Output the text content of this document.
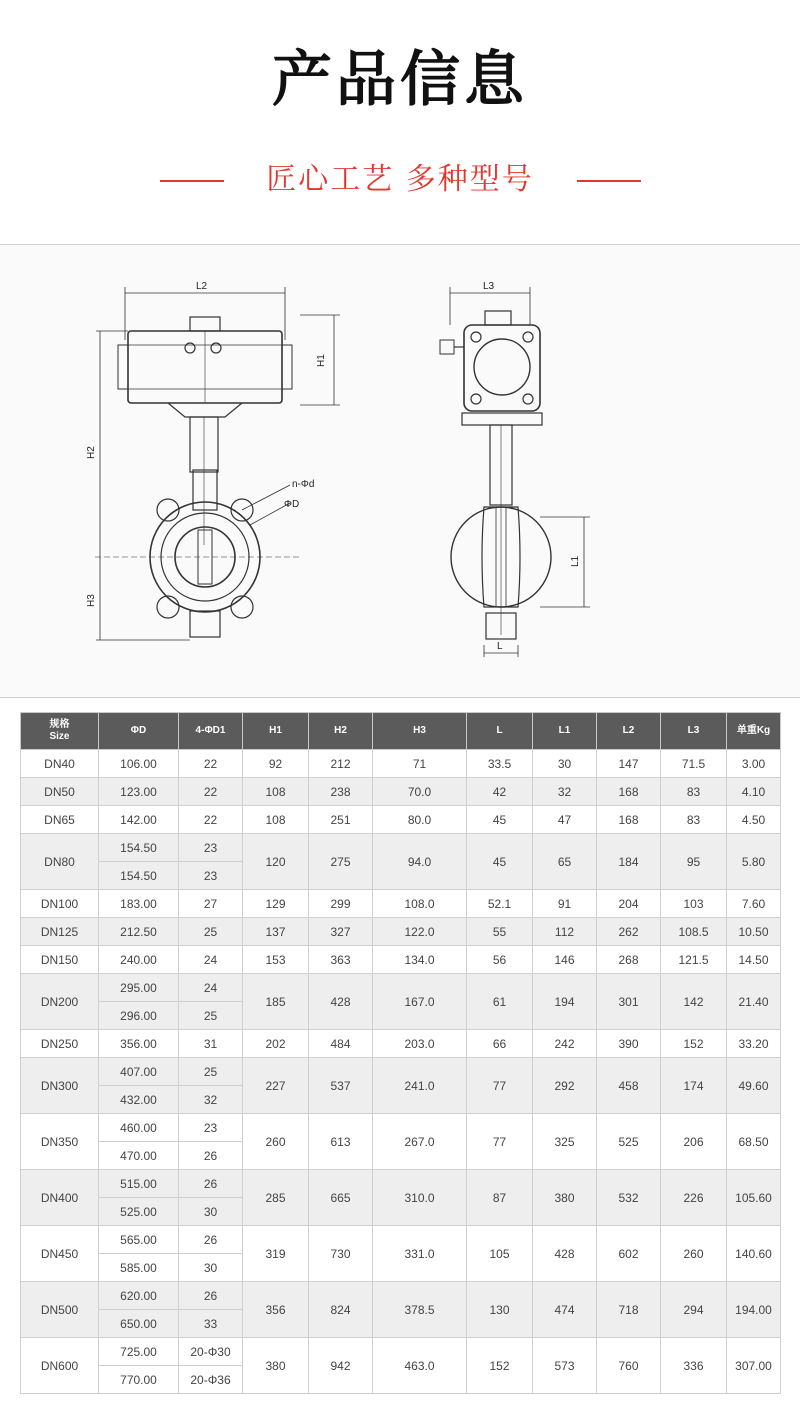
产品信息
匠心工艺 多种型号
L2
H1
H2
H3
n-Φd
ΦD
L3
L1
L
规格
Size	ΦD	4-ΦD1	H1	H2	H3	L	L1	L2	L3	单重Kg
DN40	106.00	22	92	212	71	33.5	30	147	71.5	3.00
DN50	123.00	22	108	238	70.0	42	32	168	83	4.10
DN65	142.00	22	108	251	80.0	45	47	168	83	4.50
DN80	154.50	23	120	275	94.0	45	65	184	95	5.80
	154.50	23								
DN100	183.00	27	129	299	108.0	52.1	91	204	103	7.60
DN125	212.50	25	137	327	122.0	55	112	262	108.5	10.50
DN150	240.00	24	153	363	134.0	56	146	268	121.5	14.50
DN200	295.00	24	185	428	167.0	61	194	301	142	21.40
	296.00	25								
DN250	356.00	31	202	484	203.0	66	242	390	152	33.20
DN300	407.00	25	227	537	241.0	77	292	458	174	49.60
	432.00	32								
DN350	460.00	23	260	613	267.0	77	325	525	206	68.50
	470.00	26								
DN400	515.00	26	285	665	310.0	87	380	532	226	105.60
	525.00	30								
DN450	565.00	26	319	730	331.0	105	428	602	260	140.60
	585.00	30								
DN500	620.00	26	356	824	378.5	130	474	718	294	194.00
	650.00	33								
DN600	725.00	20-Φ30	380	942	463.0	152	573	760	336	307.00
	770.00	20-Φ36								
